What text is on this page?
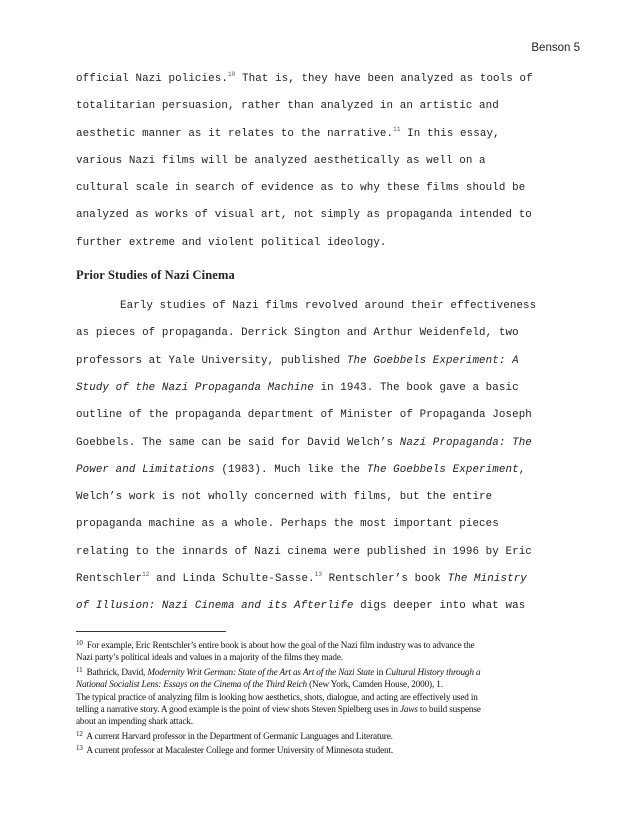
Benson 5
official Nazi policies.$^{10}$ That is, they have been analyzed as tools of
totalitarian persuasion, rather than analyzed in an artistic and
aesthetic manner as it relates to the narrative.$^{11}$ In this essay,
various Nazi films will be analyzed aesthetically as well on a
cultural scale in search of evidence as to why these films should be
analyzed as works of visual art, not simply as propaganda intended to
further extreme and violent political ideology.
Prior Studies of Nazi Cinema
Early studies of Nazi films revolved around their effectiveness
as pieces of propaganda. Derrick Sington and Arthur Weidenfeld, two
professors at Yale University, published The Goebbels Experiment: A
Study of the Nazi Propaganda Machine in 1943. The book gave a basic
outline of the propaganda department of Minister of Propaganda Joseph
Goebbels. The same can be said for David Welch’s Nazi Propaganda: The
Power and Limitations (1983). Much like the The Goebbels Experiment,
Welch’s work is not wholly concerned with films, but the entire
propaganda machine as a whole. Perhaps the most important pieces
relating to the innards of Nazi cinema were published in 1996 by Eric
Rentschler$^{12}$ and Linda Schulte-Sasse.$^{13}$ Rentschler’s book The Ministry
of Illusion: Nazi Cinema and its Afterlife digs deeper into what was
$^{10}$ For example, Eric Rentschler’s entire book is about how the goal of the Nazi film industry was to advance the
Nazi party’s political ideals and values in a majority of the films they made.
$^{11}$ Bathrick, David, Modernity Writ German: State of the Art as Art of the Nazi State in Cultural History through a
National Socialist Lens: Essays on the Cinema of the Third Reich (New York, Camden House, 2000), 1.
The typical practice of analyzing film is looking how aesthetics, shots, dialogue, and acting are effectively used in
telling a narrative story. A good example is the point of view shots Steven Spielberg uses in Jaws to build suspense
about an impending shark attack.
$^{12}$ A current Harvard professor in the Department of Germanic Languages and Literature.
$^{13}$ A current professor at Macalester College and former University of Minnesota student.
